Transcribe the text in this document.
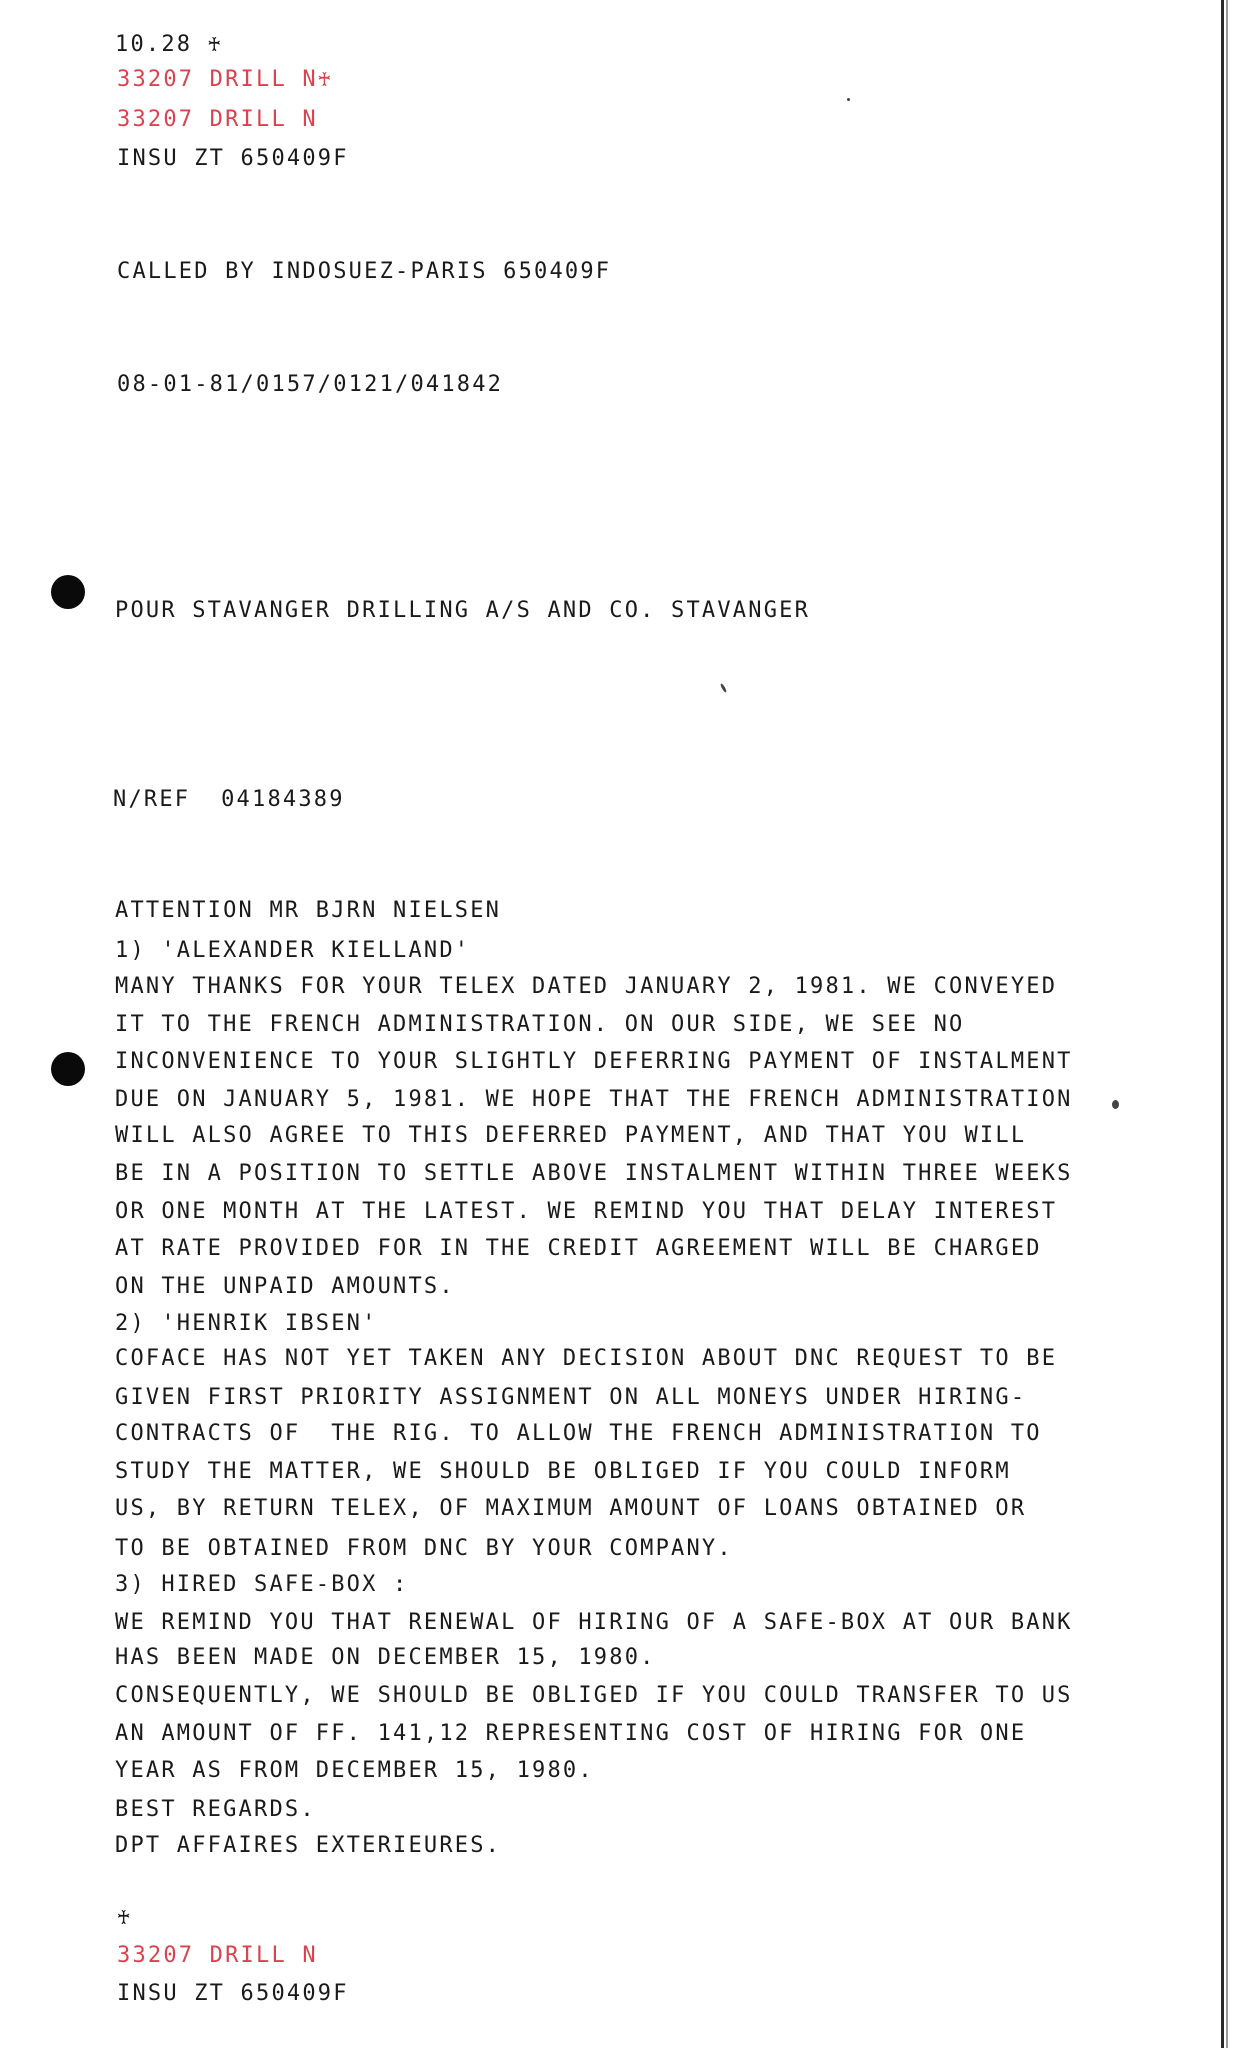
10.28 ♰
33207 DRILL N♰
33207 DRILL N
INSU ZT 650409F
CALLED BY INDOSUEZ-PARIS 650409F
08-01-81/0157/0121/041842
POUR STAVANGER DRILLING A/S AND CO. STAVANGER
N/REF  04184389
ATTENTION MR BJRN NIELSEN
1) 'ALEXANDER KIELLAND'
MANY THANKS FOR YOUR TELEX DATED JANUARY 2, 1981. WE CONVEYED
IT TO THE FRENCH ADMINISTRATION. ON OUR SIDE, WE SEE NO
INCONVENIENCE TO YOUR SLIGHTLY DEFERRING PAYMENT OF INSTALMENT
DUE ON JANUARY 5, 1981. WE HOPE THAT THE FRENCH ADMINISTRATION
WILL ALSO AGREE TO THIS DEFERRED PAYMENT, AND THAT YOU WILL
BE IN A POSITION TO SETTLE ABOVE INSTALMENT WITHIN THREE WEEKS
OR ONE MONTH AT THE LATEST. WE REMIND YOU THAT DELAY INTEREST
AT RATE PROVIDED FOR IN THE CREDIT AGREEMENT WILL BE CHARGED
ON THE UNPAID AMOUNTS.
2) 'HENRIK IBSEN'
COFACE HAS NOT YET TAKEN ANY DECISION ABOUT DNC REQUEST TO BE
GIVEN FIRST PRIORITY ASSIGNMENT ON ALL MONEYS UNDER HIRING-
CONTRACTS OF  THE RIG. TO ALLOW THE FRENCH ADMINISTRATION TO
STUDY THE MATTER, WE SHOULD BE OBLIGED IF YOU COULD INFORM
US, BY RETURN TELEX, OF MAXIMUM AMOUNT OF LOANS OBTAINED OR
TO BE OBTAINED FROM DNC BY YOUR COMPANY.
3) HIRED SAFE-BOX :
WE REMIND YOU THAT RENEWAL OF HIRING OF A SAFE-BOX AT OUR BANK
HAS BEEN MADE ON DECEMBER 15, 1980.
CONSEQUENTLY, WE SHOULD BE OBLIGED IF YOU COULD TRANSFER TO US
AN AMOUNT OF FF. 141,12 REPRESENTING COST OF HIRING FOR ONE
YEAR AS FROM DECEMBER 15, 1980.
BEST REGARDS.
DPT AFFAIRES EXTERIEURES.
♰
33207 DRILL N
INSU ZT 650409F
